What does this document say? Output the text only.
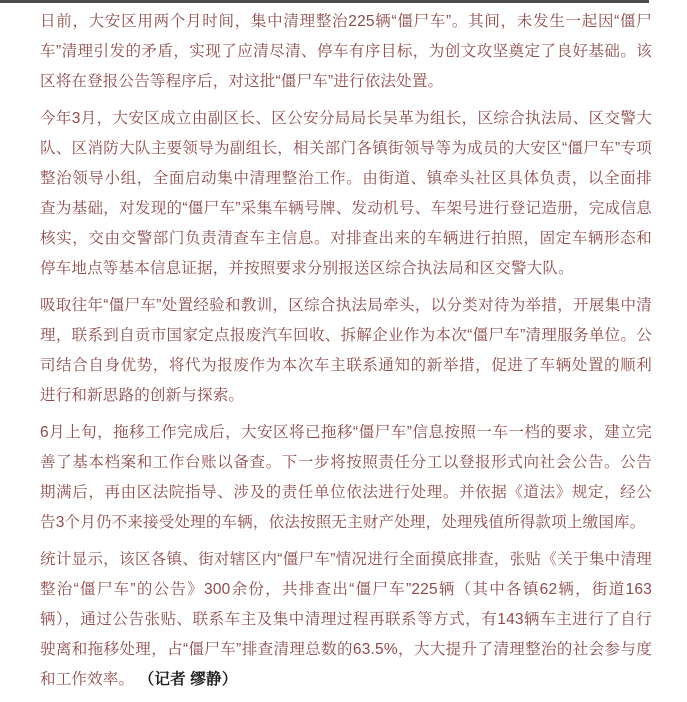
日前，大安区用两个月时间，集中清理整治225辆“僵尸车”。其间，未发生一起因“僵尸车”清理引发的矛盾，实现了应清尽清、停车有序目标，为创文攻坚奠定了良好基础。该区将在登报公告等程序后，对这批“僵尸车”进行依法处置。

今年3月，大安区成立由副区长、区公安分局局长吴革为组长，区综合执法局、区交警大队、区消防大队主要领导为副组长，相关部门各镇街领导等为成员的大安区“僵尸车”专项整治领导小组，全面启动集中清理整治工作。由街道、镇牵头社区具体负责，以全面排查为基础，对发现的“僵尸车”采集车辆号牌、发动机号、车架号进行登记造册，完成信息核实，交由交警部门负责清查车主信息。对排查出来的车辆进行拍照，固定车辆形态和停车地点等基本信息证据，并按照要求分别报送区综合执法局和区交警大队。

吸取往年“僵尸车”处置经验和教训，区综合执法局牵头，以分类对待为举措，开展集中清理，联系到自贡市国家定点报废汽车回收、拆解企业作为本次“僵尸车”清理服务单位。公司结合自身优势，将代为报废作为本次车主联系通知的新举措，促进了车辆处置的顺利进行和新思路的创新与探索。

6月上旬，拖移工作完成后，大安区将已拖移“僵尸车”信息按照一车一档的要求，建立完善了基本档案和工作台账以备查。下一步将按照责任分工以登报形式向社会公告。公告期满后，再由区法院指导、涉及的责任单位依法进行处理。并依据《道法》规定，经公告3个月仍不来接受处理的车辆，依法按照无主财产处理，处理残值所得款项上缴国库。

统计显示，该区各镇、街对辖区内“僵尸车”情况进行全面摸底排查，张贴《关于集中清理整治“僵尸车”的公告》300余份，共排查出“僵尸车”225辆（其中各镇62辆，街道163辆），通过公告张贴、联系车主及集中清理过程再联系等方式，有143辆车主进行了自行驶离和拖移处理，占“僵尸车”排查清理总数的63.5%，大大提升了清理整治的社会参与度和工作效率。 （记者 缪静）
